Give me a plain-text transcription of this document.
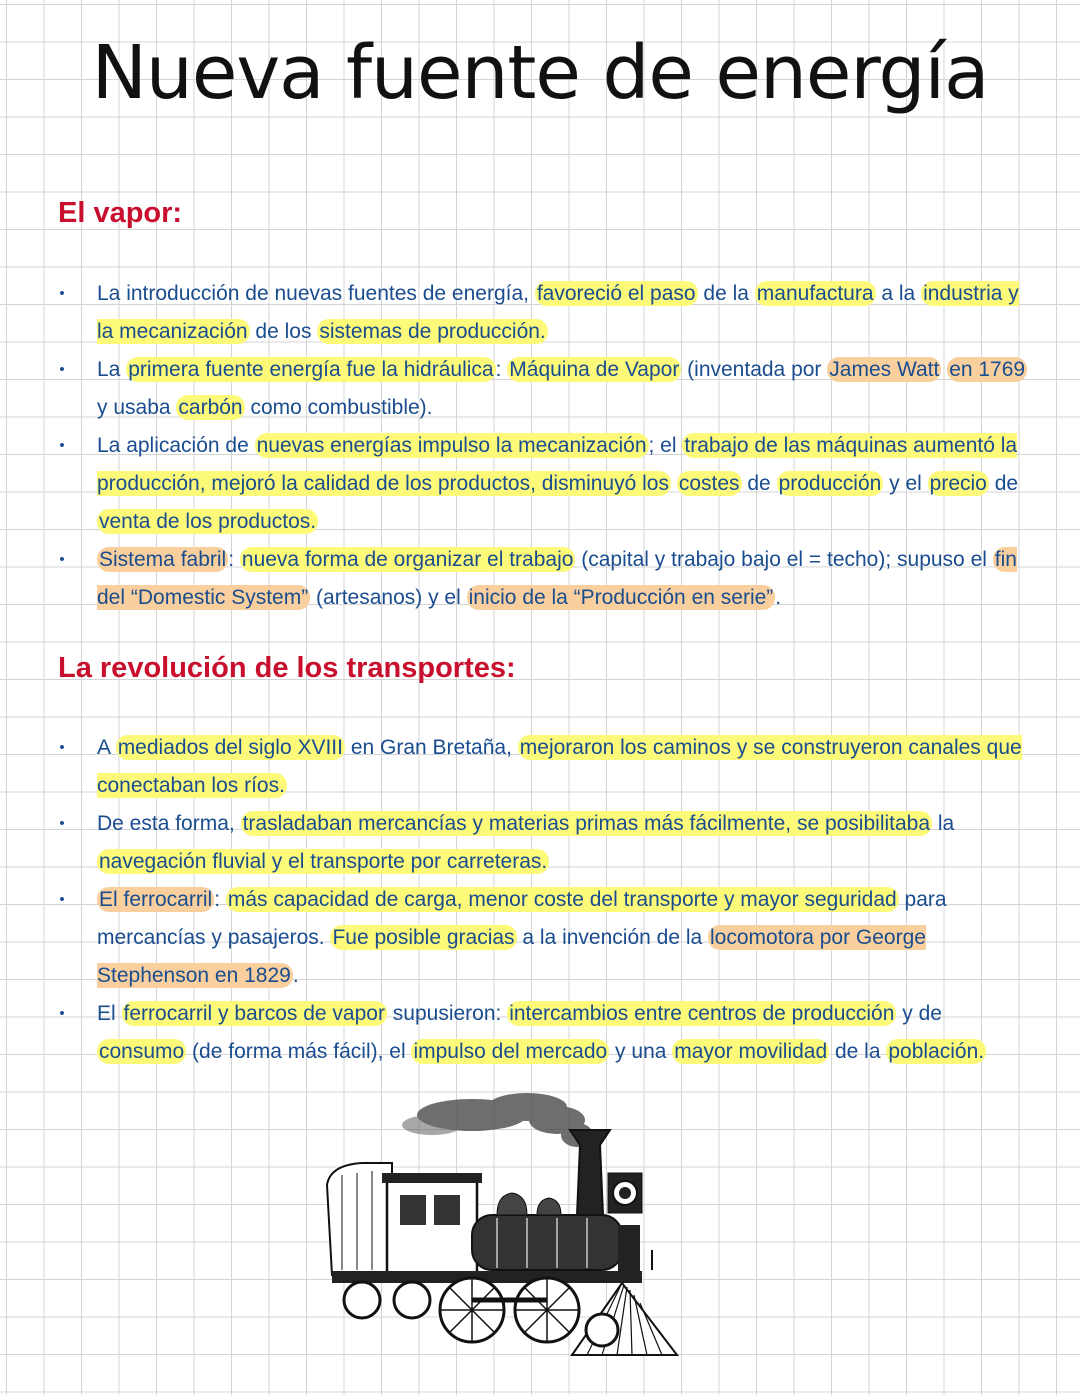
Nueva fuente de energía
El vapor:
• La introducción de nuevas fuentes de energía, favoreció el paso de la manufactura a la industria y la mecanización de los sistemas de producción.
• La primera fuente energía fue la hidráulica: Máquina de Vapor (inventada por James Watt en 1769 y usaba carbón como combustible).
• La aplicación de nuevas energías impulso la mecanización; el trabajo de las máquinas aumentó la producción, mejoró la calidad de los productos, disminuyó los costes de producción y el precio de venta de los productos.
• Sistema fabril: nueva forma de organizar el trabajo (capital y trabajo bajo el = techo); supuso el fin del “Domestic System” (artesanos) y el inicio de la “Producción en serie”.
La revolución de los transportes:
• A mediados del siglo XVIII en Gran Bretaña, mejoraron los caminos y se construyeron canales que conectaban los ríos.
• De esta forma, trasladaban mercancías y materias primas más fácilmente, se posibilitaba la navegación fluvial y el transporte por carreteras.
• El ferrocarril: más capacidad de carga, menor coste del transporte y mayor seguridad para mercancías y pasajeros. Fue posible gracias a la invención de la locomotora por George Stephenson en 1829.
• El ferrocarril y barcos de vapor supusieron: intercambios entre centros de producción y de consumo (de forma más fácil), el impulso del mercado y una mayor movilidad de la población.
